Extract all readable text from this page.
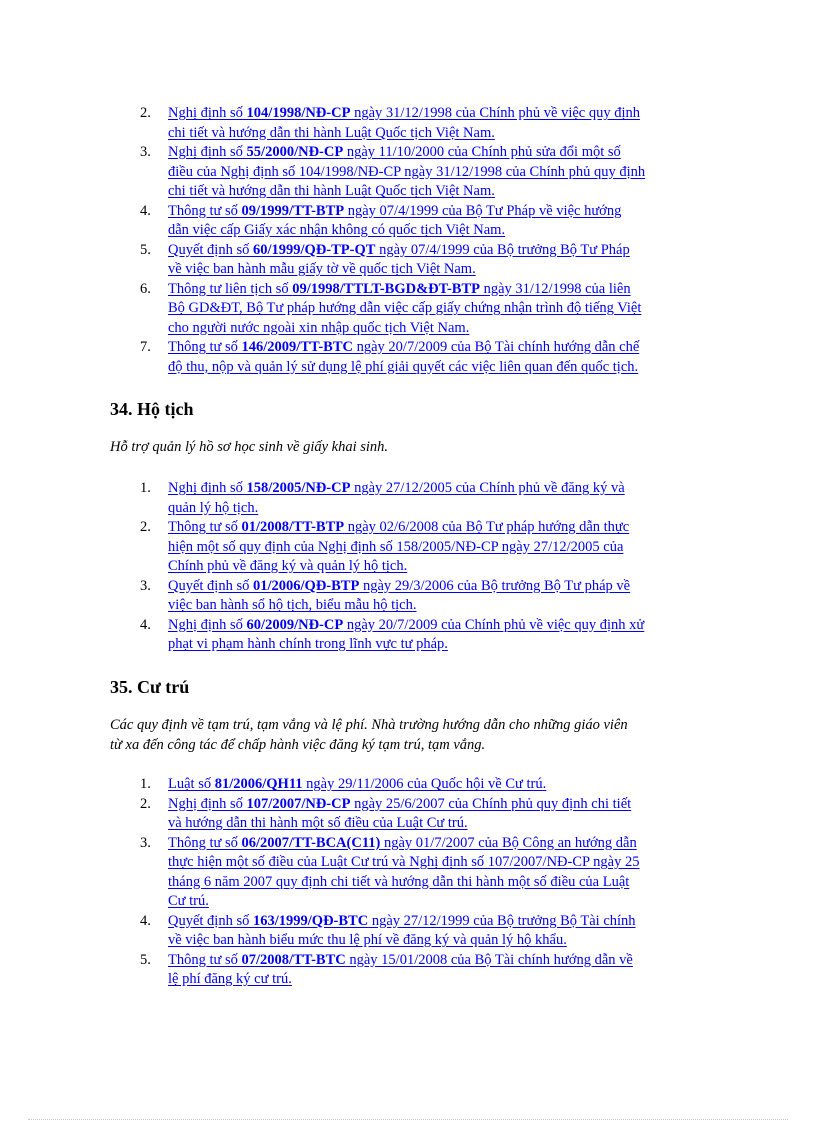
2. Nghị định số 104/1998/NĐ-CP ngày 31/12/1998 của Chính phủ về việc quy định
chi tiết và hướng dẫn thi hành Luật Quốc tịch Việt Nam.
3. Nghị định số 55/2000/NĐ-CP ngày 11/10/2000 của Chính phủ sửa đổi một số
điều của Nghị định số 104/1998/NĐ-CP ngày 31/12/1998 của Chính phủ quy định
chi tiết và hướng dẫn thi hành Luật Quốc tịch Việt Nam.
4. Thông tư số 09/1999/TT-BTP ngày 07/4/1999 của Bộ Tư Pháp về việc hướng
dẫn việc cấp Giấy xác nhận không có quốc tịch Việt Nam.
5. Quyết định số 60/1999/QĐ-TP-QT ngày 07/4/1999 của Bộ trưởng Bộ Tư Pháp
về việc ban hành mẫu giấy tờ về quốc tịch Việt Nam.
6. Thông tư liên tịch số 09/1998/TTLT-BGD&ĐT-BTP ngày 31/12/1998 của liên
Bộ GD&ĐT, Bộ Tư pháp hướng dẫn việc cấp giấy chứng nhận trình độ tiếng Việt
cho người nước ngoài xin nhập quốc tịch Việt Nam.
7. Thông tư số 146/2009/TT-BTC ngày 20/7/2009 của Bộ Tài chính hướng dẫn chế
độ thu, nộp và quản lý sử dụng lệ phí giải quyết các việc liên quan đến quốc tịch.
34. Hộ tịch

Hỗ trợ quản lý hồ sơ học sinh về giấy khai sinh.

1. Nghị định số 158/2005/NĐ-CP ngày 27/12/2005 của Chính phủ về đăng ký và
quản lý hộ tịch.
2. Thông tư số 01/2008/TT-BTP ngày 02/6/2008 của Bộ Tư pháp hướng dẫn thực
hiện một số quy định của Nghị định số 158/2005/NĐ-CP ngày 27/12/2005 của
Chính phủ về đăng ký và quản lý hộ tịch.
3. Quyết định số 01/2006/QĐ-BTP ngày 29/3/2006 của Bộ trưởng Bộ Tư pháp về
việc ban hành sổ hộ tịch, biểu mẫu hộ tịch.
4. Nghị định số 60/2009/NĐ-CP ngày 20/7/2009 của Chính phủ về việc quy định xử
phạt vi phạm hành chính trong lĩnh vực tư pháp.
35. Cư trú

Các quy định về tạm trú, tạm vắng và lệ phí. Nhà trường hướng dẫn cho những giáo viên
từ xa đến công tác để chấp hành việc đăng ký tạm trú, tạm vắng.

1. Luật số 81/2006/QH11 ngày 29/11/2006 của Quốc hội về Cư trú.
2. Nghị định số 107/2007/NĐ-CP ngày 25/6/2007 của Chính phủ quy định chi tiết
và hướng dẫn thi hành một số điều của Luật Cư trú.
3. Thông tư số 06/2007/TT-BCA(C11) ngày 01/7/2007 của Bộ Công an hướng dẫn
thực hiện một số điều của Luật Cư trú và Nghị định số 107/2007/NĐ-CP ngày 25
tháng 6 năm 2007 quy định chi tiết và hướng dẫn thi hành một số điều của Luật
Cư trú.
4. Quyết định số 163/1999/QĐ-BTC ngày 27/12/1999 của Bộ trưởng Bộ Tài chính
về việc ban hành biểu mức thu lệ phí về đăng ký và quản lý hộ khẩu.
5. Thông tư số 07/2008/TT-BTC ngày 15/01/2008 của Bộ Tài chính hướng dẫn về
lệ phí đăng ký cư trú.
